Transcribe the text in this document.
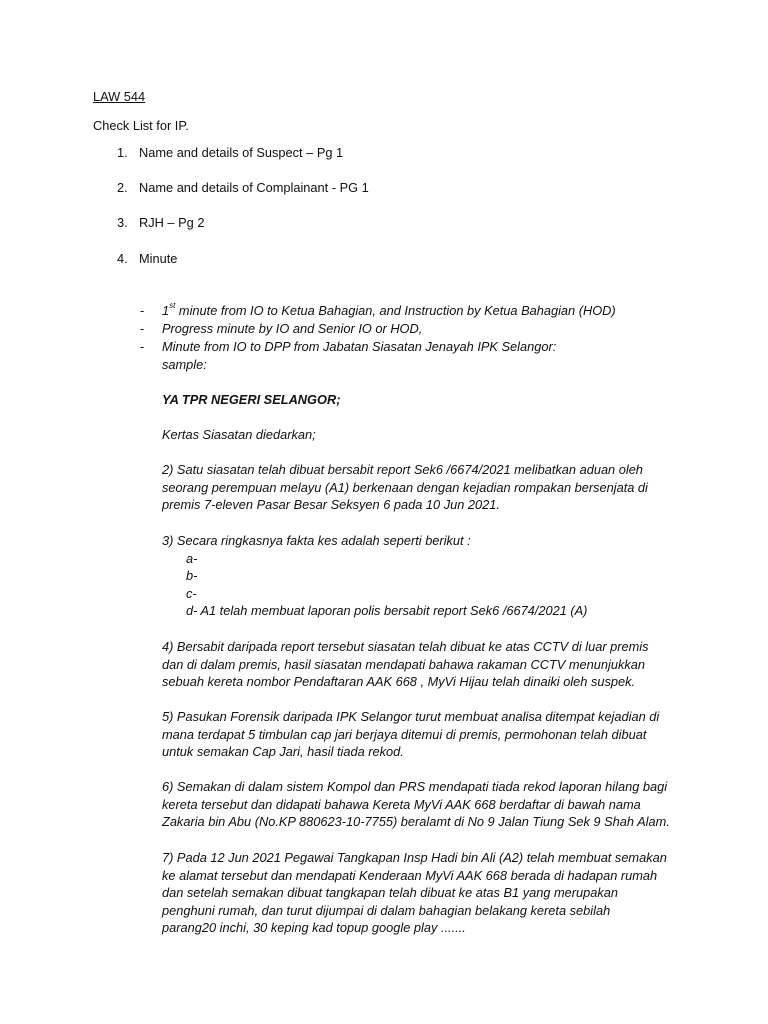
LAW 544
Check List for IP.
1. Name and details of Suspect – Pg 1
2. Name and details of Complainant - PG 1
3. RJH – Pg 2
4. Minute
- 1st minute from IO to Ketua Bahagian, and Instruction by Ketua Bahagian (HOD)
- Progress minute by IO and Senior IO or HOD,
- Minute from IO to DPP from Jabatan Siasatan Jenayah IPK Selangor:
sample:
YA TPR NEGERI SELANGOR;
Kertas Siasatan diedarkan;
2) Satu siasatan telah dibuat bersabit report Sek6 /6674/2021 melibatkan aduan oleh
seorang perempuan melayu (A1) berkenaan dengan kejadian rompakan bersenjata di
premis 7-eleven Pasar Besar Seksyen 6 pada 10 Jun 2021.
3) Secara ringkasnya fakta kes adalah seperti berikut :
a-
b-
c-
d- A1 telah membuat laporan polis bersabit report Sek6 /6674/2021 (A)
4) Bersabit daripada report tersebut siasatan telah dibuat ke atas CCTV di luar premis
dan di dalam premis, hasil siasatan mendapati bahawa rakaman CCTV menunjukkan
sebuah kereta nombor Pendaftaran AAK 668 , MyVi Hijau telah dinaiki oleh suspek.
5) Pasukan Forensik daripada IPK Selangor turut membuat analisa ditempat kejadian di
mana terdapat 5 timbulan cap jari berjaya ditemui di premis, permohonan telah dibuat
untuk semakan Cap Jari, hasil tiada rekod.
6) Semakan di dalam sistem Kompol dan PRS mendapati tiada rekod laporan hilang bagi
kereta tersebut dan didapati bahawa Kereta MyVi AAK 668 berdaftar di bawah nama
Zakaria bin Abu (No.KP 880623-10-7755) beralamt di No 9 Jalan Tiung Sek 9 Shah Alam.
7) Pada 12 Jun 2021 Pegawai Tangkapan Insp Hadi bin Ali (A2) telah membuat semakan
ke alamat tersebut dan mendapati Kenderaan MyVi AAK 668 berada di hadapan rumah
dan setelah semakan dibuat tangkapan telah dibuat ke atas B1 yang merupakan
penghuni rumah, dan turut dijumpai di dalam bahagian belakang kereta sebilah
parang20 inchi, 30 keping kad topup google play .......
